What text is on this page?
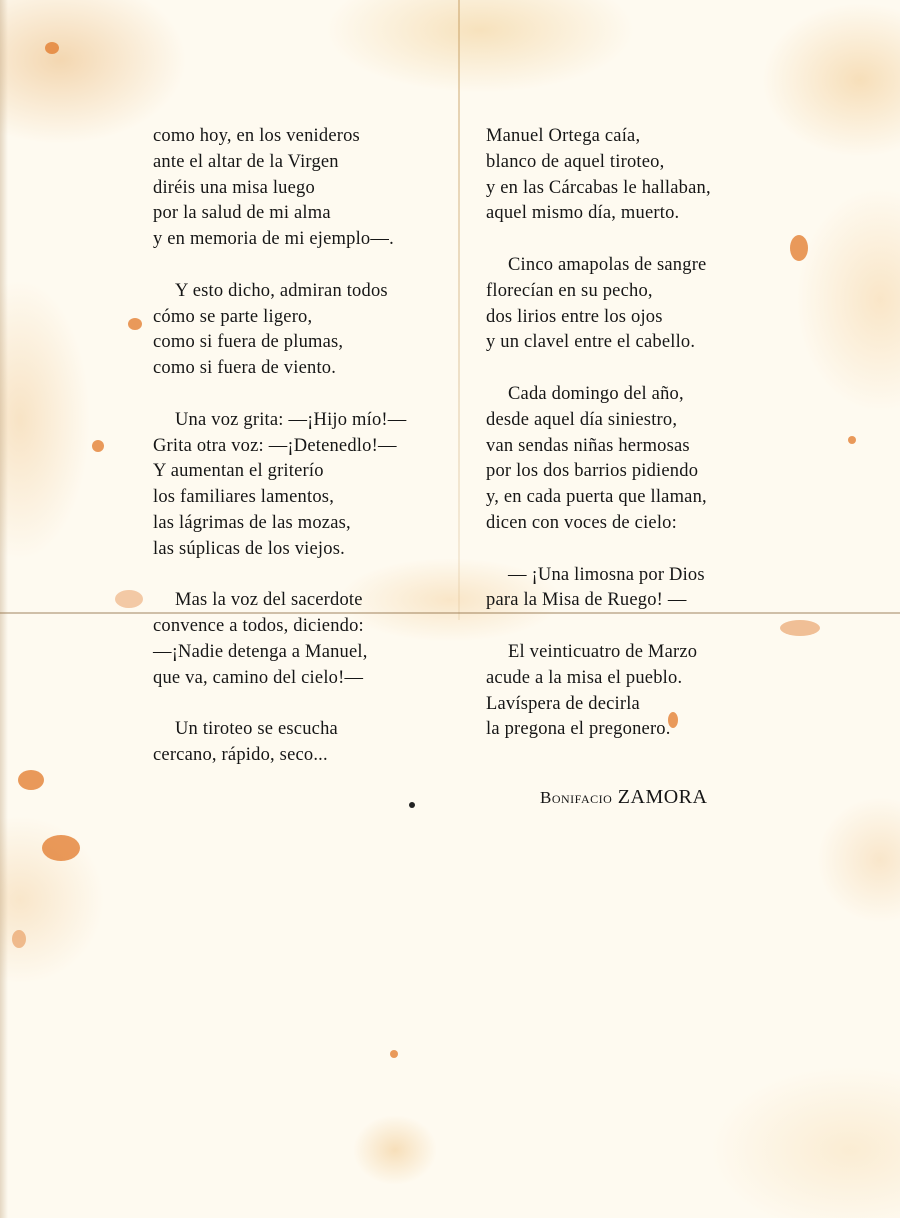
como hoy, en los venideros
ante el altar de la Virgen
diréis una misa luego
por la salud de mi alma
y en memoria de mi ejemplo—.
Y esto dicho, admiran todos
cómo se parte ligero,
como si fuera de plumas,
como si fuera de viento.
Una voz grita: —¡Hijo mío!—
Grita otra voz: —¡Detenedlo!—
Y aumentan el griterío
los familiares lamentos,
las lágrimas de las mozas,
las súplicas de los viejos.
Mas la voz del sacerdote
convence a todos, diciendo:
—¡Nadie detenga a Manuel,
que va, camino del cielo!—
Un tiroteo se escucha
cercano, rápido, seco...
Manuel Ortega caía,
blanco de aquel tiroteo,
y en las Cárcabas le hallaban,
aquel mismo día, muerto.
Cinco amapolas de sangre
florecían en su pecho,
dos lirios entre los ojos
y un clavel entre el cabello.
Cada domingo del año,
desde aquel día siniestro,
van sendas niñas hermosas
por los dos barrios pidiendo
y, en cada puerta que llaman,
dicen con voces de cielo:
— ¡Una limosna por Dios
para la Misa de Ruego! —
El veinticuatro de Marzo
acude a la misa el pueblo.
Lavíspera de decirla
la pregona el pregonero.
Bonifacio ZAMORA
